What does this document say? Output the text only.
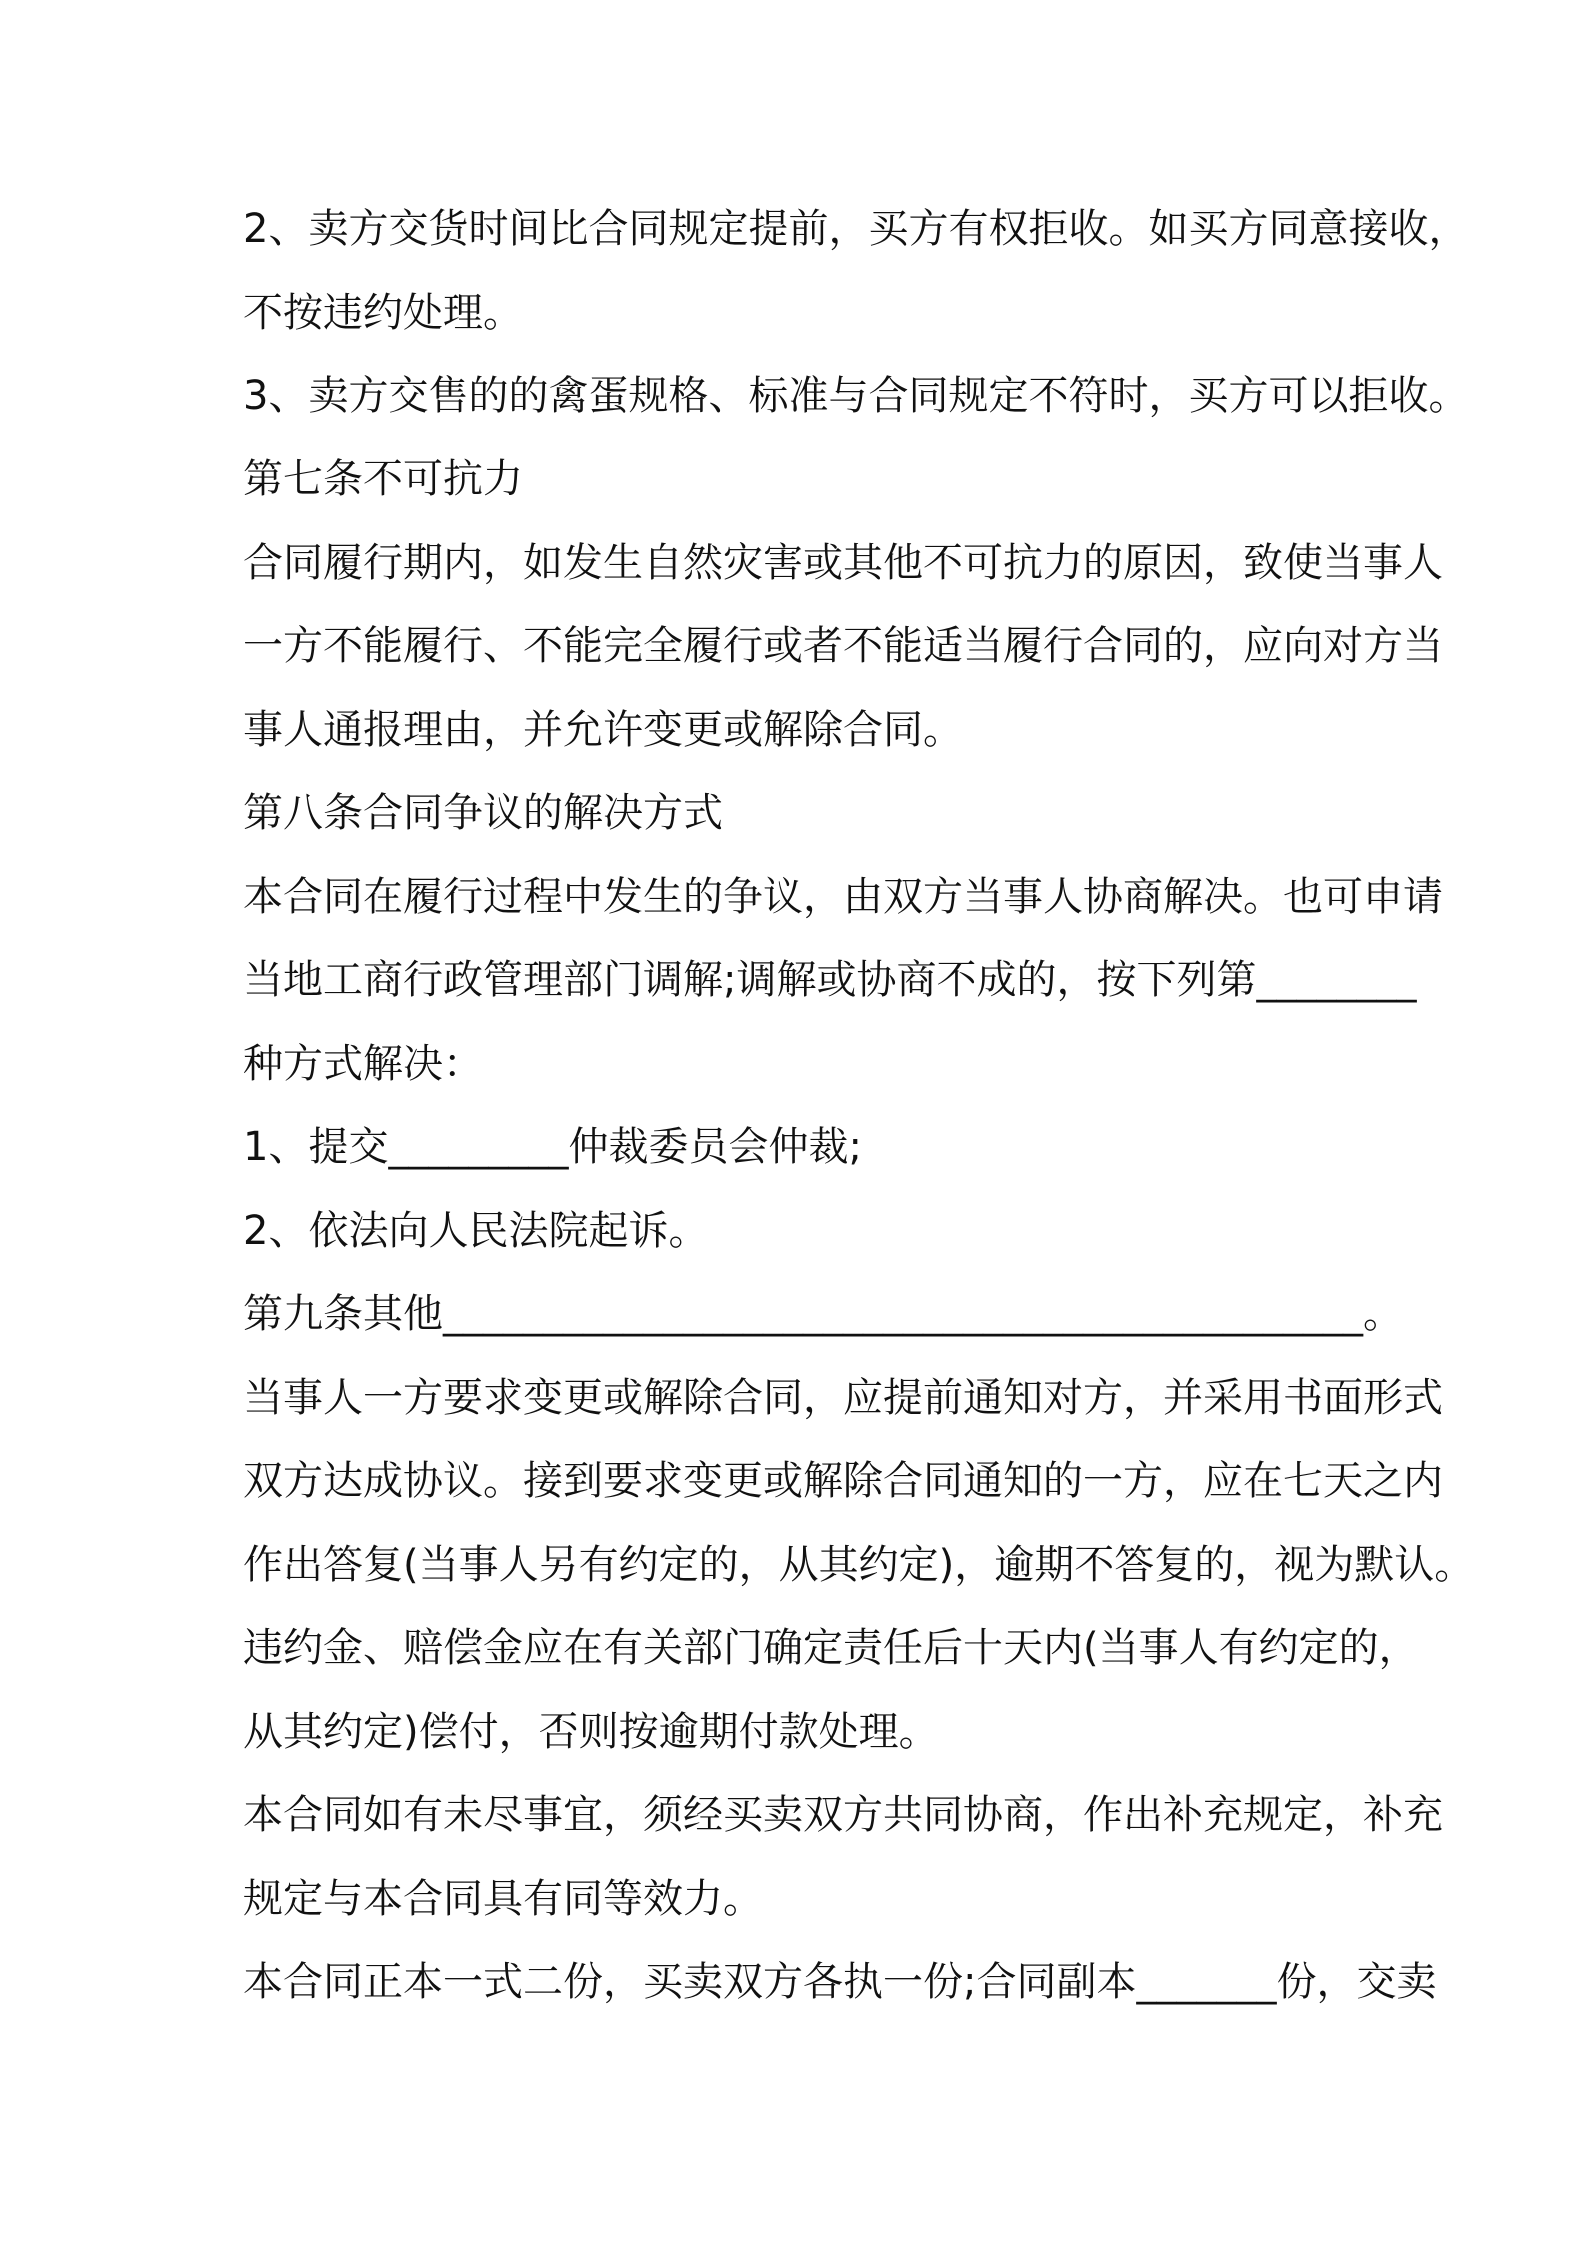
2、卖方交货时间比合同规定提前，买方有权拒收。如买方同意接收，
不按违约处理。
3、卖方交售的的禽蛋规格、标准与合同规定不符时，买方可以拒收。
第七条不可抗力
合同履行期内，如发生自然灾害或其他不可抗力的原因，致使当事人
一方不能履行、不能完全履行或者不能适当履行合同的，应向对方当
事人通报理由，并允许变更或解除合同。
第八条合同争议的解决方式
本合同在履行过程中发生的争议，由双方当事人协商解决。也可申请
当地工商行政管理部门调解;调解或协商不成的，按下列第________
种方式解决：
1、提交_________仲裁委员会仲裁;
2、依法向人民法院起诉。
第九条其他______________________________________________。
当事人一方要求变更或解除合同，应提前通知对方，并采用书面形式
双方达成协议。接到要求变更或解除合同通知的一方，应在七天之内
作出答复(当事人另有约定的，从其约定)，逾期不答复的，视为默认。
违约金、赔偿金应在有关部门确定责任后十天内(当事人有约定的，
从其约定)偿付，否则按逾期付款处理。
本合同如有未尽事宜，须经买卖双方共同协商，作出补充规定，补充
规定与本合同具有同等效力。
本合同正本一式二份，买卖双方各执一份;合同副本_______份，交卖
